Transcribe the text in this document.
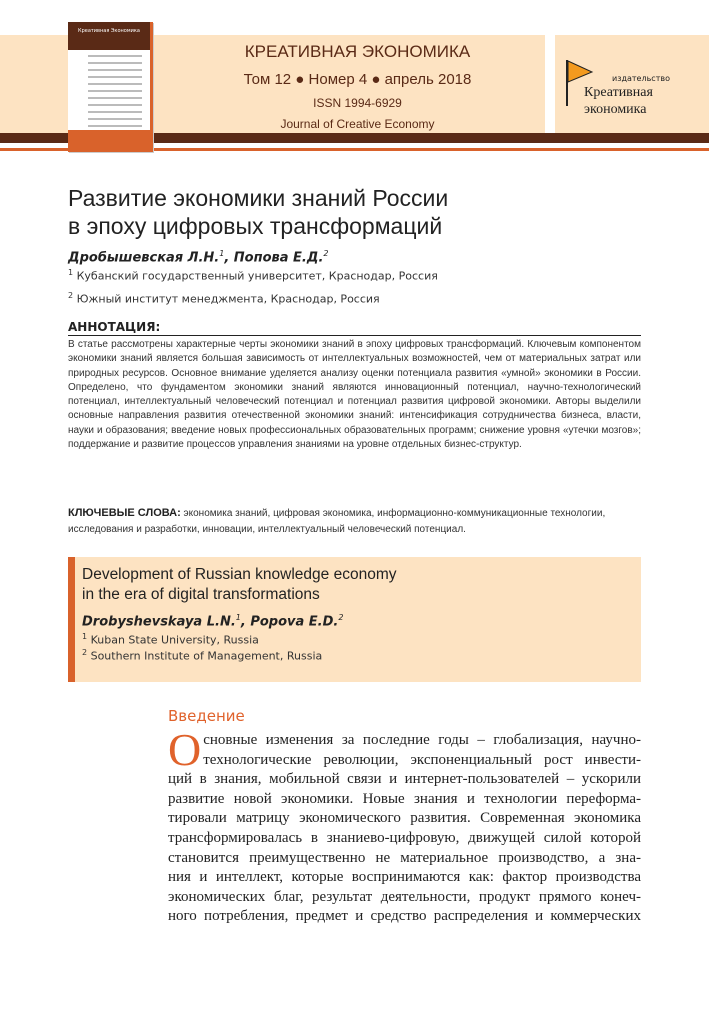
Креативная Экономика
КРЕАТИВНАЯ ЭКОНОМИКА
Том 12 ● Номер 4 ● апрель 2018
ISSN 1994-6929
Journal of Creative Economy
издательство
Креативная
экономика
Развитие экономики знаний России
в эпоху цифровых трансформаций
Дробышевская Л.Н.$^1$, Попова Е.Д.$^2$
$^1$ Кубанский государственный университет, Краснодар, Россия
$^2$ Южный институт менеджмента, Краснодар, Россия
АННОТАЦИЯ:
В статье рассмотрены характерные черты экономики знаний в эпоху цифровых трансформаций. Ключевым компонентом экономики знаний является большая зависимость от интеллектуальных возможностей, чем от материальных затрат или природных ресурсов. Основное внимание уделяется анализу оценки потенциала развития «умной» экономики в России. Определено, что фундаментом экономики знаний являются инновационный потенциал, научно-технологический потенциал, интеллектуальный человеческий потенциал и потенциал развития цифровой экономики. Авторы выделили основные направления развития отечественной экономики знаний: интенсификация сотрудничества бизнеса, власти, науки и образования; введение новых профессиональных образовательных программ; снижение уровня «утечки мозгов»; поддержание и развитие процессов управления знаниями на уровне отдельных бизнес-структур.
КЛЮЧЕВЫЕ СЛОВА: экономика знаний, цифровая экономика, информационно-коммуникационные технологии, исследования и разработки, инновации, интеллектуальный человеческий потенциал.
Development of Russian knowledge economy
in the era of digital transformations
Drobyshevskaya L.N.$^1$, Popova E.D.$^2$
$^1$ Kuban State University, Russia
$^2$ Southern Institute of Management, Russia
Введение
О сновные изменения за последние годы – глобализация, научно-
технологические революции, экспоненциальный рост инвести-
ций в знания, мобильной связи и интернет-пользователей – ускорили
развитие новой экономики. Новые знания и технологии переформа-
тировали матрицу экономического развития. Современная экономика
трансформировалась в знаниево-цифровую, движущей силой которой
становится преимущественно не материальное производство, а зна-
ния и интеллект, которые воспринимаются как: фактор производства
экономических благ, результат деятельности, продукт прямого конеч-
ного потребления, предмет и средство распределения и коммерческих
